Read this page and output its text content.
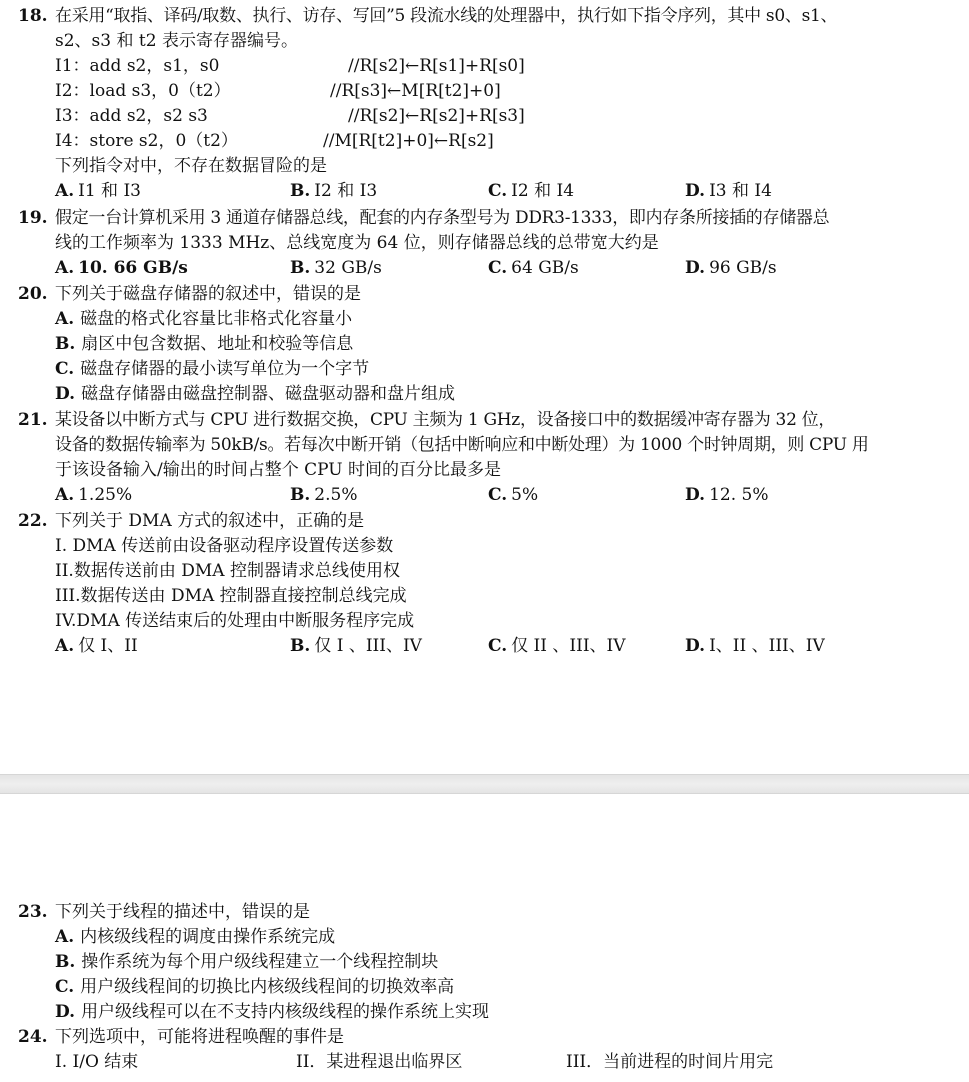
18. 在采用“取指、译码/取数、执行、访存、写回”5 段流水线的处理器中，执行如下指令序列，其中 s0、s1、
s2、s3 和 t2 表示寄存器编号。
I1：add s2，s1，s0	//R[s2]←R[s1]+R[s0]
I2：load s3，0（t2）	//R[s3]←M[R[t2]+0]
I3：add s2，s2 s3	//R[s2]←R[s2]+R[s3]
I4：store s2，0（t2）	//M[R[t2]+0]←R[s2]
下列指令对中，不存在数据冒险的是
A. I1 和 I3	B. I2 和 I3	C. I2 和 I4	D. I3 和 I4
19. 假定一台计算机采用 3 通道存储器总线，配套的内存条型号为 DDR3-1333，即内存条所接插的存储器总
线的工作频率为 1333 MHz、总线宽度为 64 位，则存储器总线的总带宽大约是
A. 10. 66 GB/s	B. 32 GB/s	C. 64 GB/s	D. 96 GB/s
20. 下列关于磁盘存储器的叙述中，错误的是
A. 磁盘的格式化容量比非格式化容量小
B. 扇区中包含数据、地址和校验等信息
C. 磁盘存储器的最小读写单位为一个字节
D. 磁盘存储器由磁盘控制器、磁盘驱动器和盘片组成
21. 某设备以中断方式与 CPU 进行数据交换，CPU 主频为 1 GHz，设备接口中的数据缓冲寄存器为 32 位，
设备的数据传输率为 50kB/s。若每次中断开销（包括中断响应和中断处理）为 1000 个时钟周期，则 CPU 用
于该设备输入/输出的时间占整个 CPU 时间的百分比最多是
A. 1.25%	B. 2.5%	C. 5%	D. 12. 5%
22. 下列关于 DMA 方式的叙述中，正确的是
I. DMA 传送前由设备驱动程序设置传送参数
II.数据传送前由 DMA 控制器请求总线使用权
III.数据传送由 DMA 控制器直接控制总线完成
IV.DMA 传送结束后的处理由中断服务程序完成
A. 仅 I、II	B. 仅 I 、III、IV	C. 仅 II 、III、IV	D. I、II 、III、IV
23. 下列关于线程的描述中，错误的是
A. 内核级线程的调度由操作系统完成
B. 操作系统为每个用户级线程建立一个线程控制块
C. 用户级线程间的切换比内核级线程间的切换效率高
D. 用户级线程可以在不支持内核级线程的操作系统上实现
24. 下列选项中，可能将进程唤醒的事件是
I. I/O 结束	II．某进程退出临界区	III．当前进程的时间片用完
